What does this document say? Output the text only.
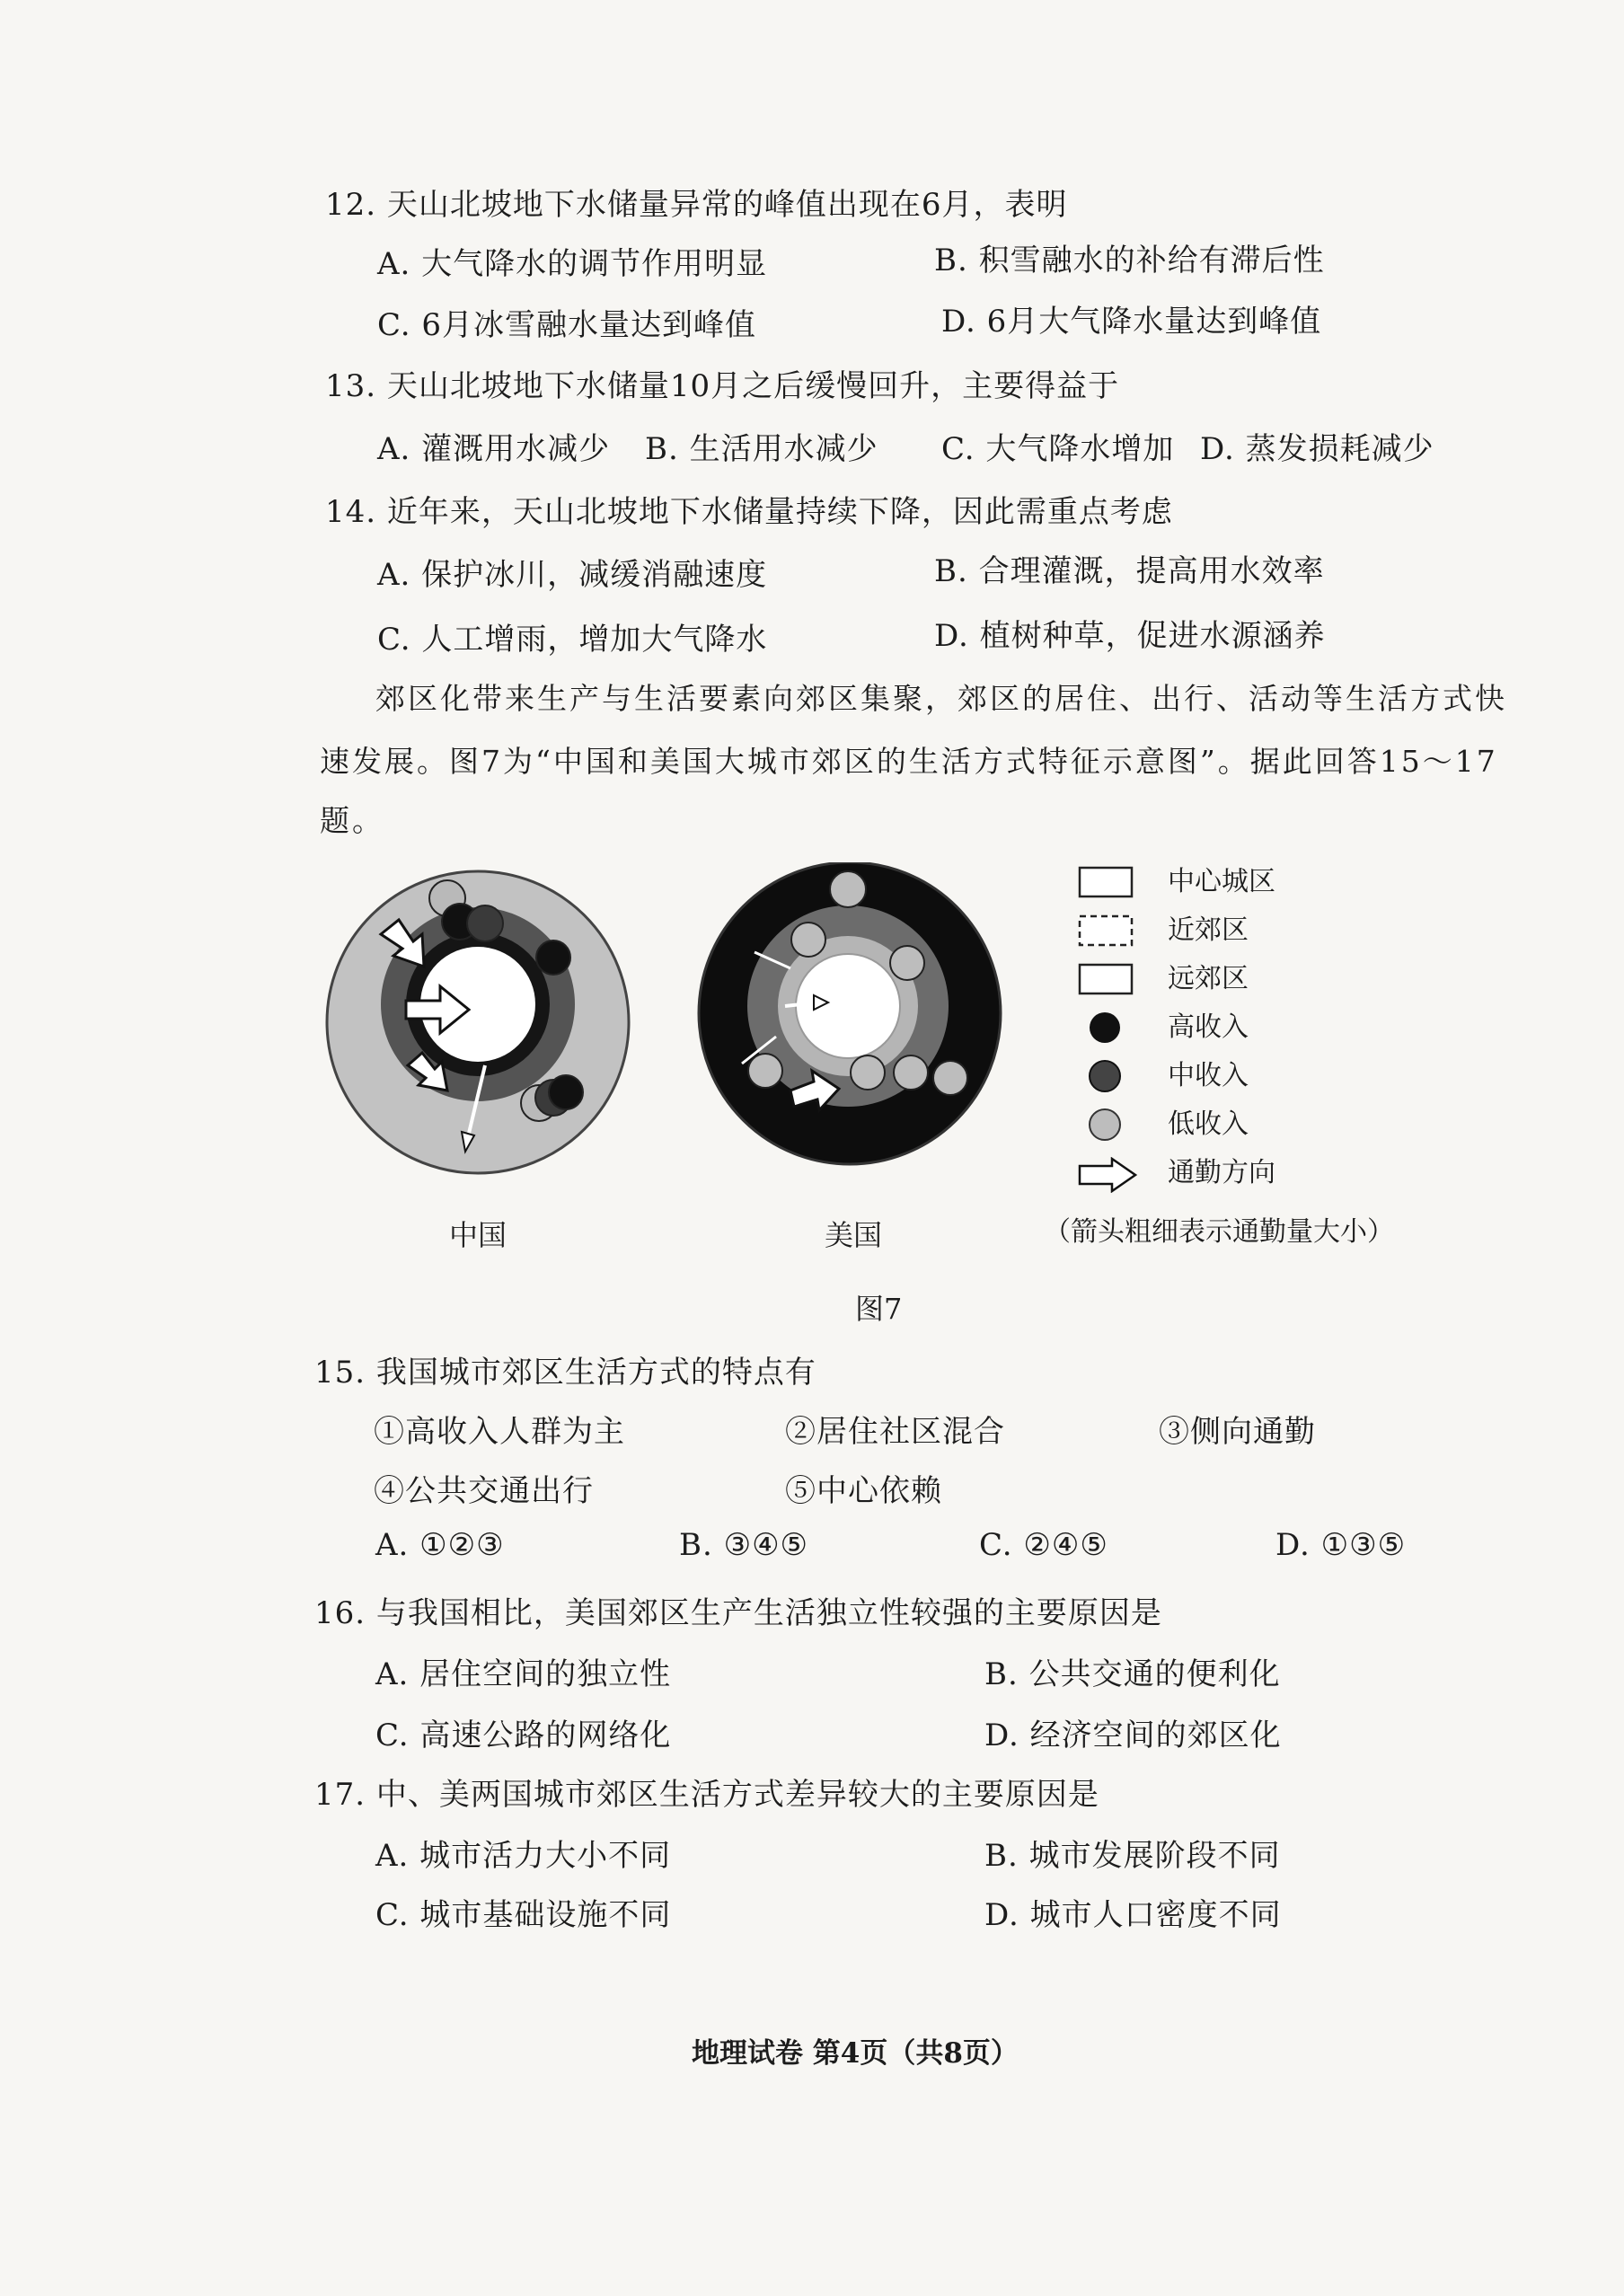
12. 天山北坡地下水储量异常的峰值出现在6月，表明
A. 大气降水的调节作用明显	B. 积雪融水的补给有滞后性
C. 6月冰雪融水量达到峰值	D. 6月大气降水量达到峰值
13. 天山北坡地下水储量10月之后缓慢回升，主要得益于
A. 灌溉用水减少 B. 生活用水减少 C. 大气降水增加 D. 蒸发损耗减少
14. 近年来，天山北坡地下水储量持续下降，因此需重点考虑
A. 保护冰川，减缓消融速度	B. 合理灌溉，提高用水效率
C. 人工增雨，增加大气降水	D. 植树种草，促进水源涵养
郊区化带来生产与生活要素向郊区集聚，郊区的居住、出行、活动等生活方式快
速发展。图7为“中国和美国大城市郊区的生活方式特征示意图”。据此回答15～17
题。
中心城区
近郊区
远郊区
高收入
中收入
低收入
通勤方向
中国	美国	（箭头粗细表示通勤量大小）
图7
15. 我国城市郊区生活方式的特点有
①高收入人群为主	②居住社区混合	③侧向通勤
④公共交通出行	⑤中心依赖
A. ①②③	B. ③④⑤	C. ②④⑤	D. ①③⑤
16. 与我国相比，美国郊区生产生活独立性较强的主要原因是
A. 居住空间的独立性	B. 公共交通的便利化
C. 高速公路的网络化	D. 经济空间的郊区化
17. 中、美两国城市郊区生活方式差异较大的主要原因是
A. 城市活力大小不同	B. 城市发展阶段不同
C. 城市基础设施不同	D. 城市人口密度不同
地理试卷 第4页（共8页）
